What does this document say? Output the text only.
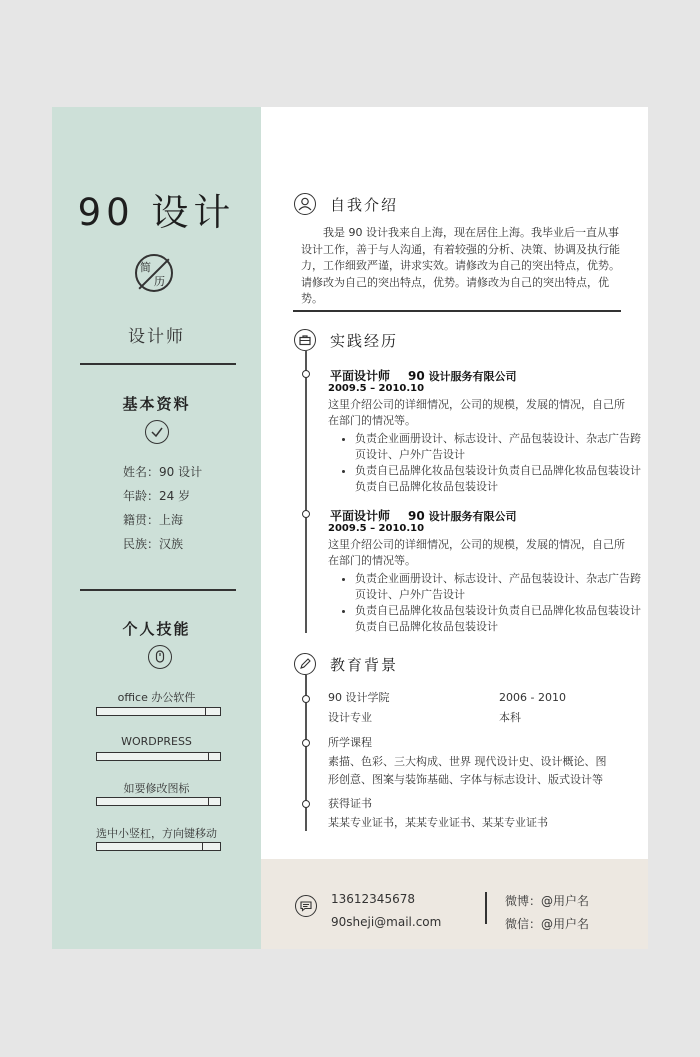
90 设计
简
历
设计师
基本资料
姓名：90 设计
年龄：24 岁
籍贯：上海
民族：汉族
个人技能
office 办公软件
WORDPRESS
如要修改图标
选中小竖杠，方向键移动
自我介绍
我是 90 设计我来自上海，现在居住上海。我毕业后一直从事设计工作，善于与人沟通，有着较强的分析、决策、协调及执行能力，工作细致严谨，讲求实效。请修改为自己的突出特点，优势。请修改为自己的突出特点，优势。请修改为自己的突出特点，优势。
实践经历
平面设计师 90 设计服务有限公司
2009.5 – 2010.10
这里介绍公司的详细情况，公司的规模，发展的情况，自己所在部门的情况等。
• 负责企业画册设计、标志设计、产品包装设计、杂志广告跨页设计、户外广告设计
• 负责自已品牌化妆品包装设计负责自已品牌化妆品包装设计负责自已品牌化妆品包装设计
平面设计师 90 设计服务有限公司
2009.5 – 2010.10
这里介绍公司的详细情况，公司的规模，发展的情况，自己所在部门的情况等。
• 负责企业画册设计、标志设计、产品包装设计、杂志广告跨页设计、户外广告设计
• 负责自已品牌化妆品包装设计负责自已品牌化妆品包装设计负责自已品牌化妆品包装设计
教育背景
90 设计学院	2006 - 2010
设计专业	本科
所学课程
素描、色彩、三大构成、世界 现代设计史、设计概论、图形创意、图案与装饰基础、字体与标志设计、版式设计等
获得证书
某某专业证书，某某专业证书、某某专业证书
13612345678
90sheji@mail.com
微博：@用户名
微信：@用户名
